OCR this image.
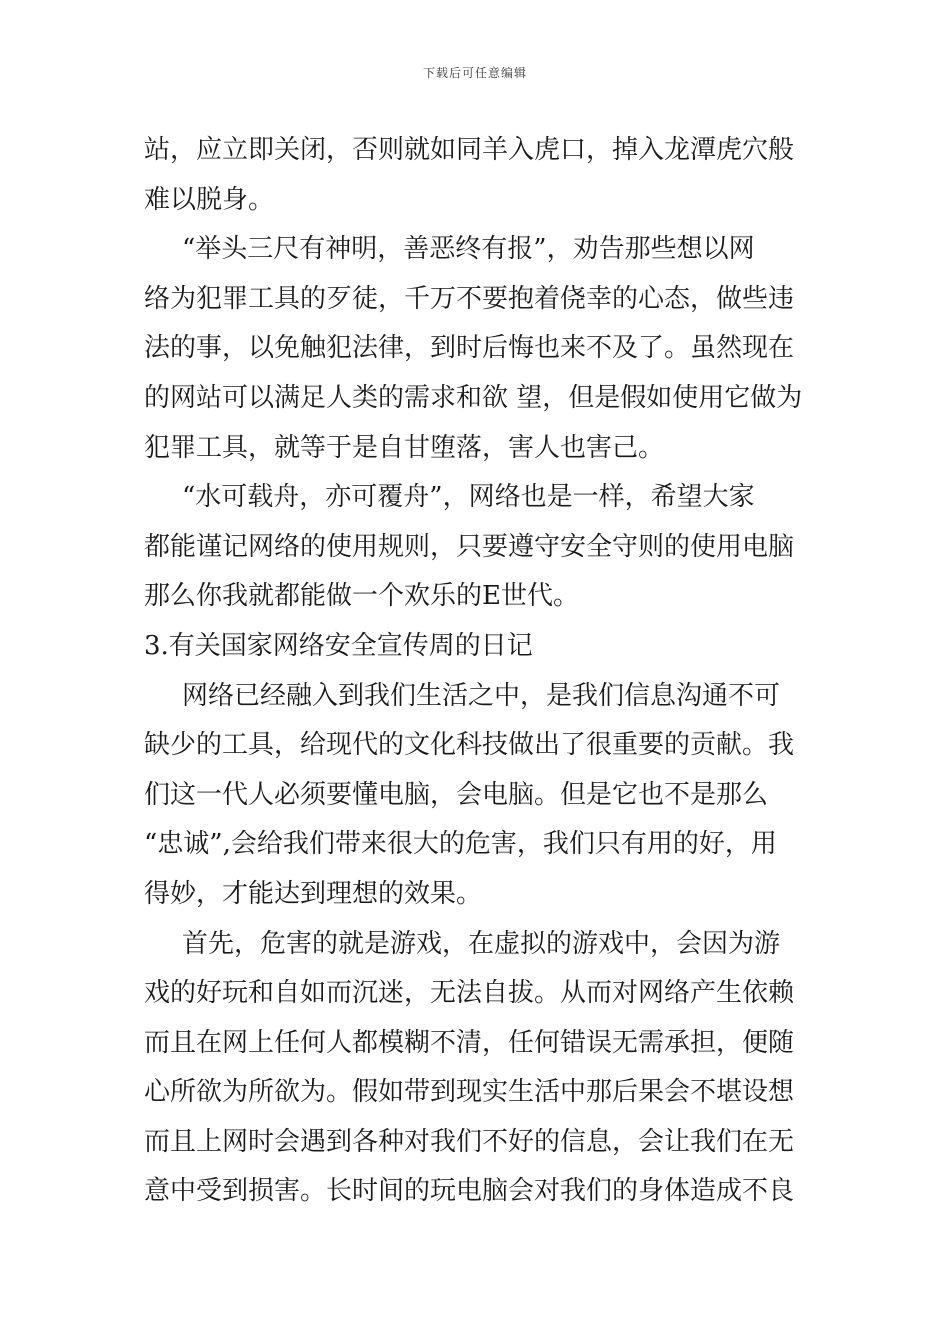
下载后可任意编辑
站，应立即关闭，否则就如同羊入虎口，掉入龙潭虎穴般
难以脱身。
“举头三尺有神明，善恶终有报”，劝告那些想以网
络为犯罪工具的歹徒，千万不要抱着侥幸的心态，做些违
法的事，以免触犯法律，到时后悔也来不及了。虽然现在
的网站可以满足人类的需求和欲 望，但是假如使用它做为
犯罪工具，就等于是自甘堕落，害人也害己。
“水可载舟，亦可覆舟”，网络也是一样，希望大家
都能谨记网络的使用规则，只要遵守安全守则的使用电脑
那么你我就都能做一个欢乐的E世代。
3.有关国家网络安全宣传周的日记
网络已经融入到我们生活之中，是我们信息沟通不可
缺少的工具，给现代的文化科技做出了很重要的贡献。我
们这一代人必须要懂电脑，会电脑。但是它也不是那么
“忠诚”,会给我们带来很大的危害，我们只有用的好，用
得妙，才能达到理想的效果。
首先，危害的就是游戏，在虚拟的游戏中，会因为游
戏的好玩和自如而沉迷，无法自拔。从而对网络产生依赖
而且在网上任何人都模糊不清，任何错误无需承担，便随
心所欲为所欲为。假如带到现实生活中那后果会不堪设想
而且上网时会遇到各种对我们不好的信息，会让我们在无
意中受到损害。长时间的玩电脑会对我们的身体造成不良
